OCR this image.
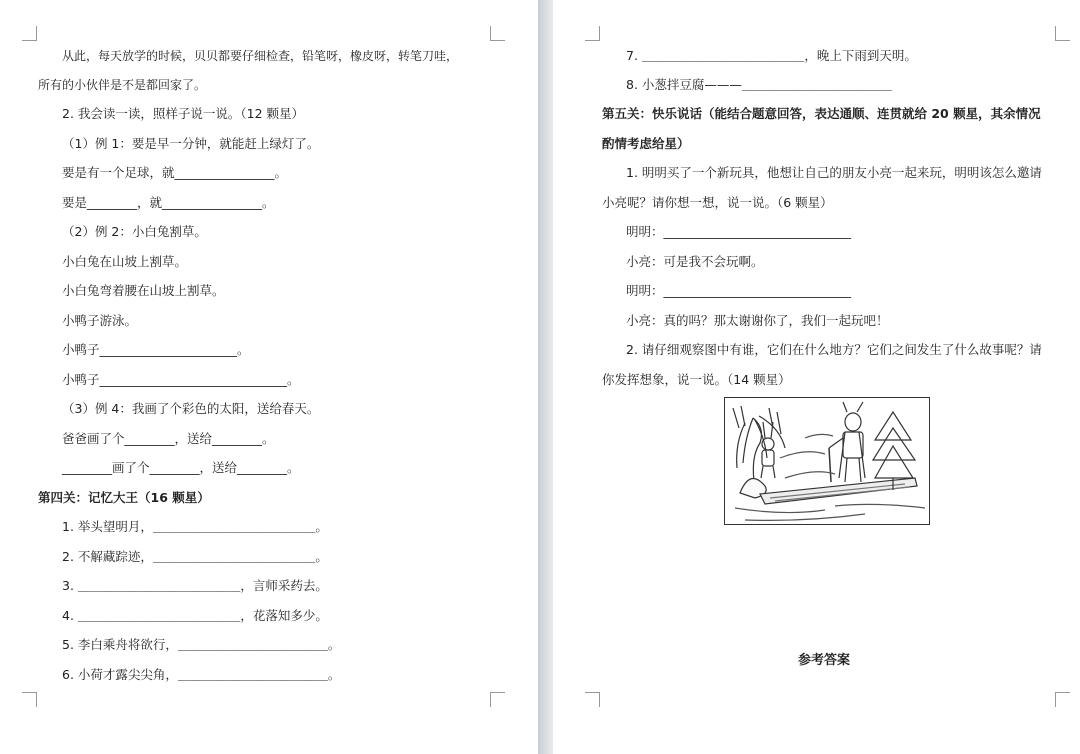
从此，每天放学的时候，贝贝都要仔细检查，铅笔呀，橡皮呀，转笔刀哇，
所有的小伙伴是不是都回家了。
2. 我会读一读，照样子说一说。（12 颗星）
（1）例 1：要是早一分钟，就能赶上绿灯了。
要是有一个足球，就________________。
要是________，就________________。
（2）例 2：小白兔割草。
小白兔在山坡上割草。
小白兔弯着腰在山坡上割草。
小鸭子游泳。
小鸭子______________________。
小鸭子______________________________。
（3）例 4：我画了个彩色的太阳，送给春天。
爸爸画了个________，送给________。
________画了个________，送给________。
第四关：记忆大王（16 颗星）
1. 举头望明月，＿＿＿＿＿＿＿＿＿＿＿＿＿。
2. 不解藏踪迹，＿＿＿＿＿＿＿＿＿＿＿＿＿。
3. ＿＿＿＿＿＿＿＿＿＿＿＿＿，言师采药去。
4. ＿＿＿＿＿＿＿＿＿＿＿＿＿，花落知多少。
5. 李白乘舟将欲行，＿＿＿＿＿＿＿＿＿＿＿＿。
6. 小荷才露尖尖角，＿＿＿＿＿＿＿＿＿＿＿＿。
7. ＿＿＿＿＿＿＿＿＿＿＿＿＿，晚上下雨到天明。
8. 小葱拌豆腐———＿＿＿＿＿＿＿＿＿＿＿＿
第五关：快乐说话（能结合题意回答，表达通顺、连贯就给 20 颗星，其余情况
酌情考虑给星）
1. 明明买了一个新玩具，他想让自己的朋友小亮一起来玩，明明该怎么邀请
小亮呢？请你想一想，说一说。（6 颗星）
明明：______________________________
小亮：可是我不会玩啊。
明明：______________________________
小亮：真的吗？那太谢谢你了，我们一起玩吧！
2. 请仔细观察图中有谁，它们在什么地方？它们之间发生了什么故事呢？请
你发挥想象，说一说。（14 颗星）
参考答案
